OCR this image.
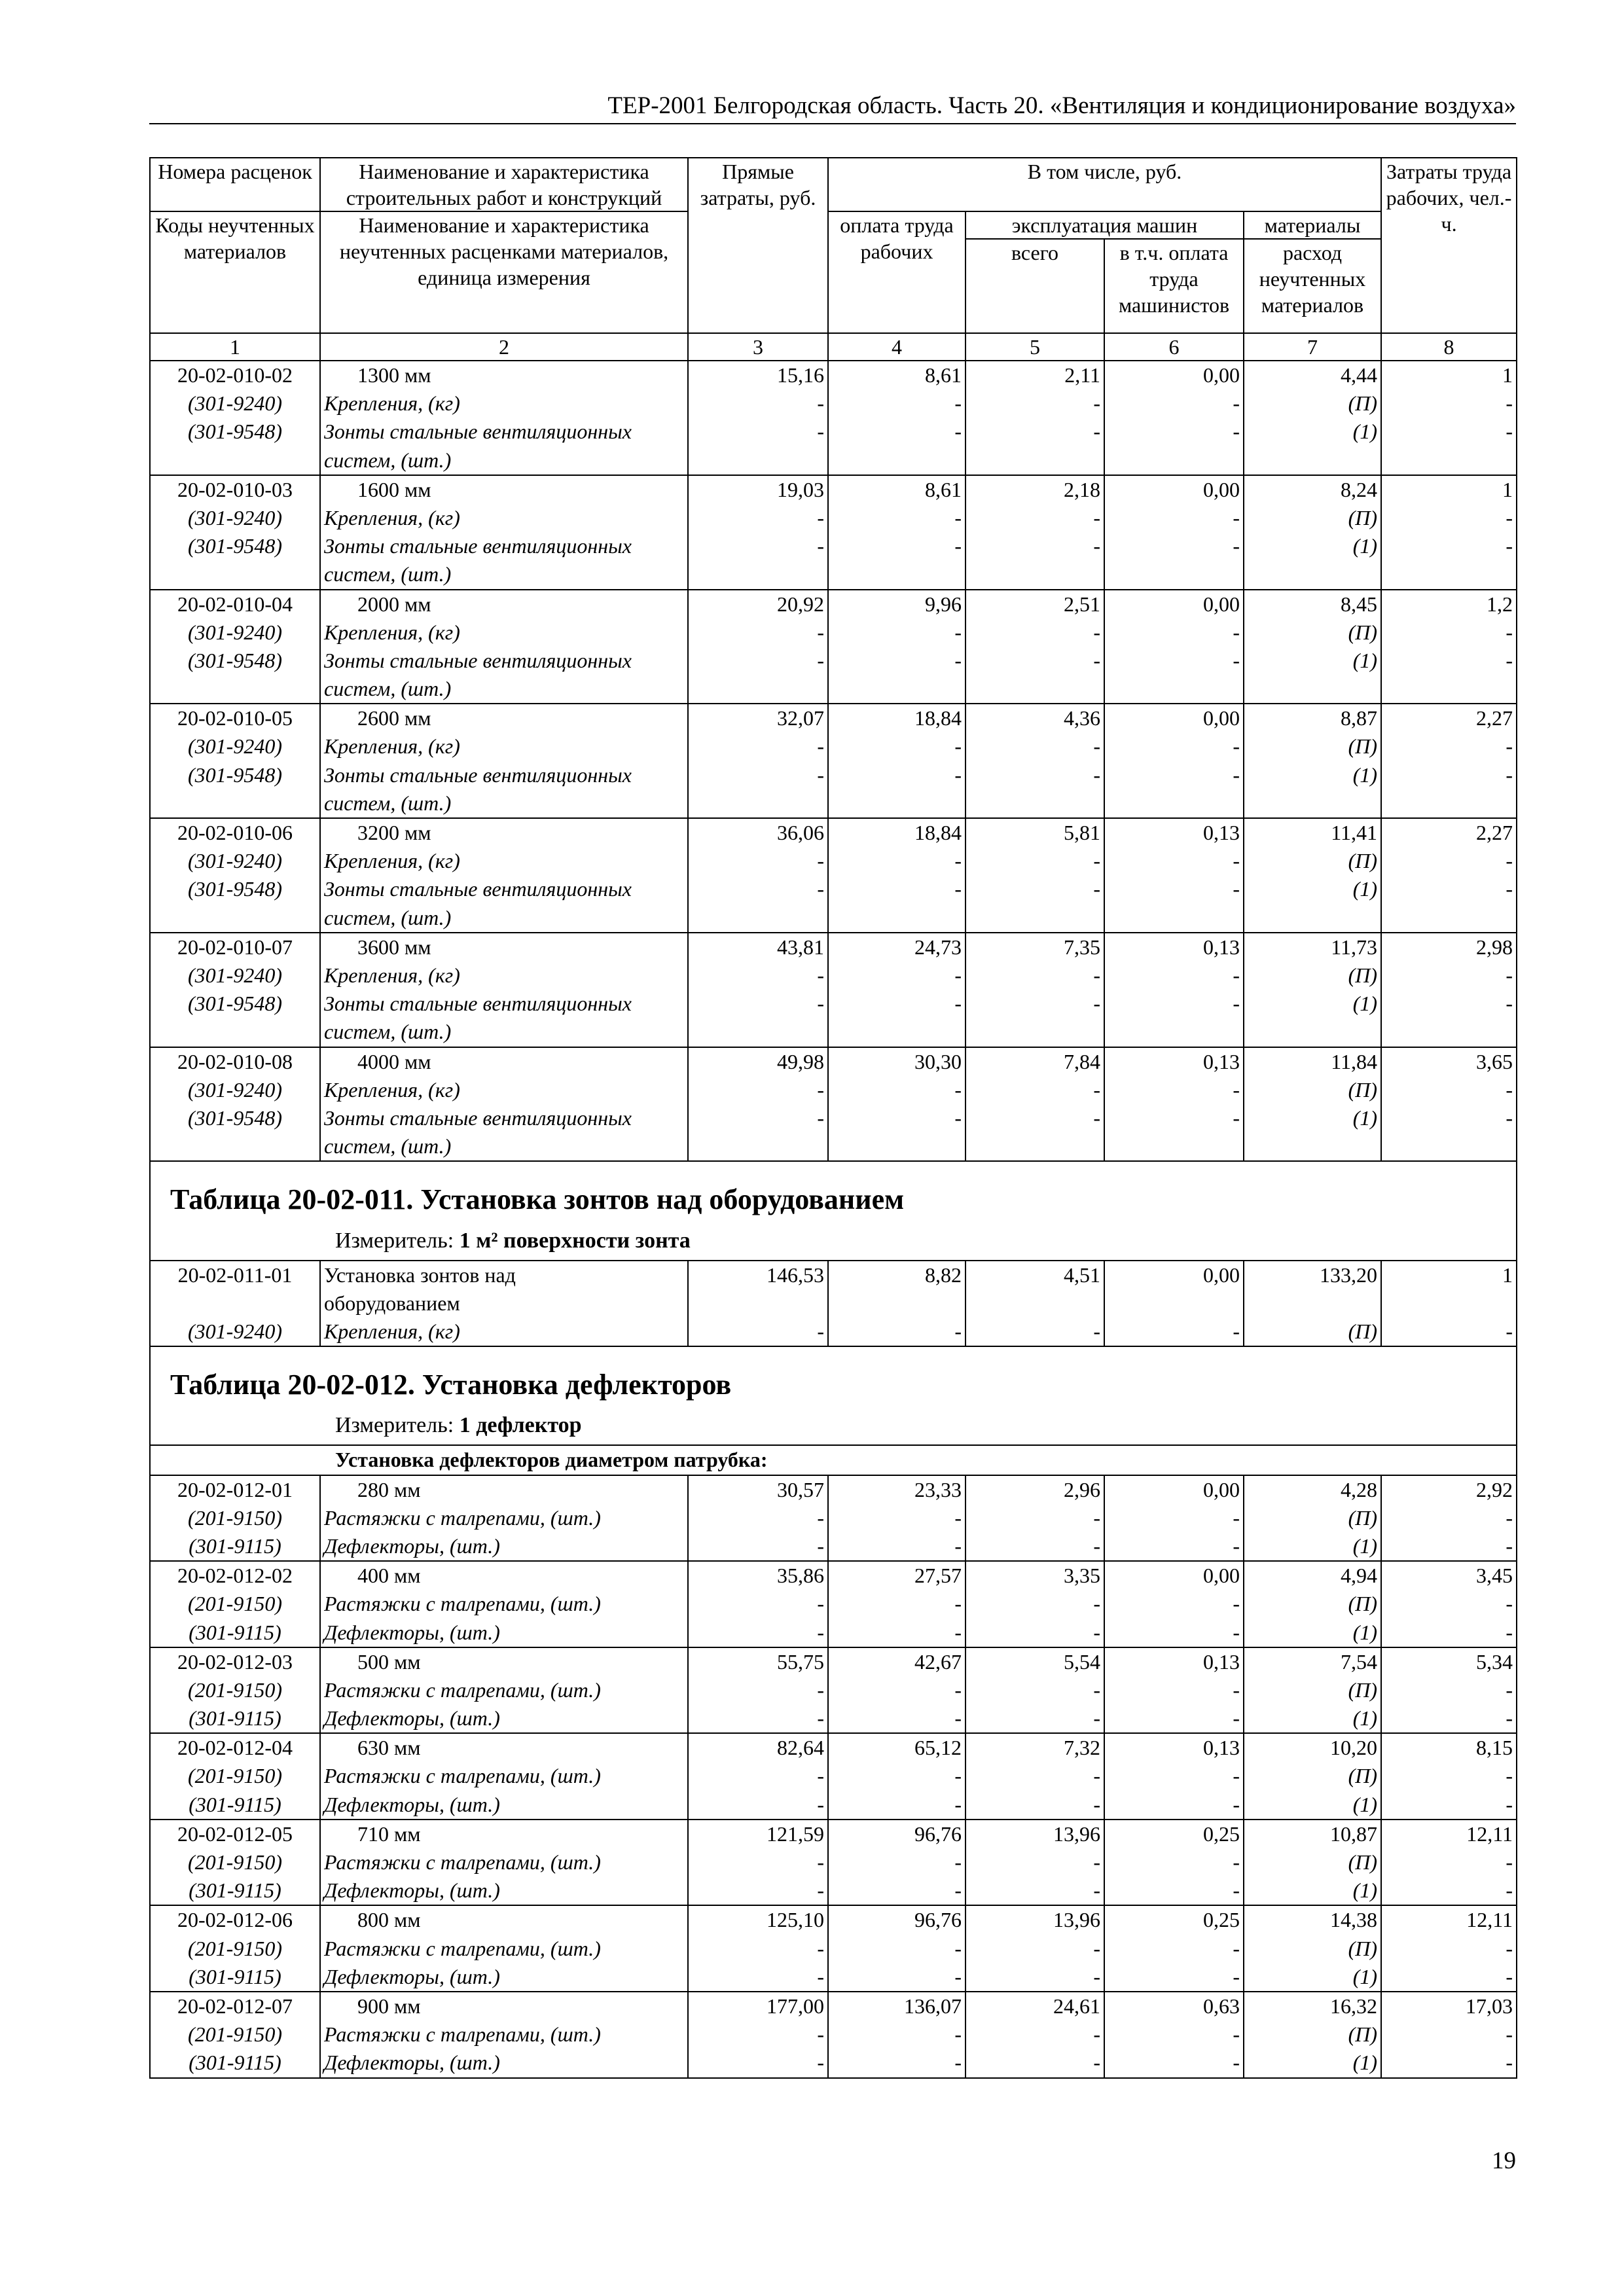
ТЕР-2001 Белгородская область. Часть 20. «Вентиляция и кондиционирование воздуха»
Номера расценок	Наименование и характеристика строительных работ и конструкций	Прямые затраты, руб.	В том числе, руб.				Затраты труда рабочих, чел.-ч.
Коды неучтенных материалов	Наименование и характеристика неучтенных расценками материалов, единица измерения		оплата труда рабочих	эксплуатация машин		материалы	
				всего	в т.ч. оплата труда машинистов	расход неучтенных материалов	
1	2	3	4	5	6	7	8
20-02-010-02	1300 мм	15,16	8,61	2,11	0,00	4,44	1
(301-9240)	Крепления, (кг)	-	-	-	-	(П)	-
(301-9548)	Зонты стальные вентиляционных	-	-	-	-	(1)	-
	систем, (шт.)						
20-02-010-03	1600 мм	19,03	8,61	2,18	0,00	8,24	1
(301-9240)	Крепления, (кг)	-	-	-	-	(П)	-
(301-9548)	Зонты стальные вентиляционных	-	-	-	-	(1)	-
	систем, (шт.)						
20-02-010-04	2000 мм	20,92	9,96	2,51	0,00	8,45	1,2
(301-9240)	Крепления, (кг)	-	-	-	-	(П)	-
(301-9548)	Зонты стальные вентиляционных	-	-	-	-	(1)	-
	систем, (шт.)						
20-02-010-05	2600 мм	32,07	18,84	4,36	0,00	8,87	2,27
(301-9240)	Крепления, (кг)	-	-	-	-	(П)	-
(301-9548)	Зонты стальные вентиляционных	-	-	-	-	(1)	-
	систем, (шт.)						
20-02-010-06	3200 мм	36,06	18,84	5,81	0,13	11,41	2,27
(301-9240)	Крепления, (кг)	-	-	-	-	(П)	-
(301-9548)	Зонты стальные вентиляционных	-	-	-	-	(1)	-
	систем, (шт.)						
20-02-010-07	3600 мм	43,81	24,73	7,35	0,13	11,73	2,98
(301-9240)	Крепления, (кг)	-	-	-	-	(П)	-
(301-9548)	Зонты стальные вентиляционных	-	-	-	-	(1)	-
	систем, (шт.)						
20-02-010-08	4000 мм	49,98	30,30	7,84	0,13	11,84	3,65
(301-9240)	Крепления, (кг)	-	-	-	-	(П)	-
(301-9548)	Зонты стальные вентиляционных	-	-	-	-	(1)	-
	систем, (шт.)						

Таблица 20-02-011. Установка зонтов над оборудованием
Измеритель: 1 м² поверхности зонта							

20-02-011-01	Установка зонтов над	146,53	8,82	4,51	0,00	133,20	1
	оборудованием						
(301-9240)	Крепления, (кг)	-	-	-	-	(П)	-

Таблица 20-02-012. Установка дефлекторов
Измеритель: 1 дефлектор							

Установка дефлекторов диаметром патрубка:							
20-02-012-01	280 мм	30,57	23,33	2,96	0,00	4,28	2,92
(201-9150)	Растяжки с талрепами, (шт.)	-	-	-	-	(П)	-
(301-9115)	Дефлекторы, (шт.)	-	-	-	-	(1)	-
20-02-012-02	400 мм	35,86	27,57	3,35	0,00	4,94	3,45
(201-9150)	Растяжки с талрепами, (шт.)	-	-	-	-	(П)	-
(301-9115)	Дефлекторы, (шт.)	-	-	-	-	(1)	-
20-02-012-03	500 мм	55,75	42,67	5,54	0,13	7,54	5,34
(201-9150)	Растяжки с талрепами, (шт.)	-	-	-	-	(П)	-
(301-9115)	Дефлекторы, (шт.)	-	-	-	-	(1)	-
20-02-012-04	630 мм	82,64	65,12	7,32	0,13	10,20	8,15
(201-9150)	Растяжки с талрепами, (шт.)	-	-	-	-	(П)	-
(301-9115)	Дефлекторы, (шт.)	-	-	-	-	(1)	-
20-02-012-05	710 мм	121,59	96,76	13,96	0,25	10,87	12,11
(201-9150)	Растяжки с талрепами, (шт.)	-	-	-	-	(П)	-
(301-9115)	Дефлекторы, (шт.)	-	-	-	-	(1)	-
20-02-012-06	800 мм	125,10	96,76	13,96	0,25	14,38	12,11
(201-9150)	Растяжки с талрепами, (шт.)	-	-	-	-	(П)	-
(301-9115)	Дефлекторы, (шт.)	-	-	-	-	(1)	-
20-02-012-07	900 мм	177,00	136,07	24,61	0,63	16,32	17,03
(201-9150)	Растяжки с талрепами, (шт.)	-	-	-	-	(П)	-
(301-9115)	Дефлекторы, (шт.)	-	-	-	-	(1)	-
19
